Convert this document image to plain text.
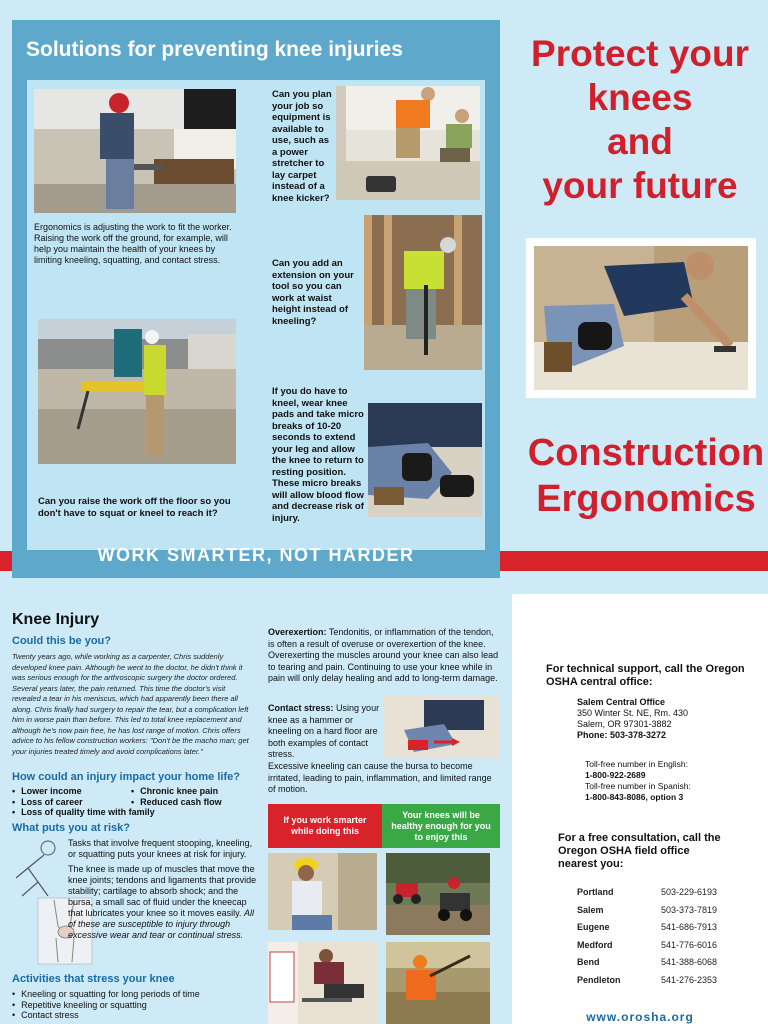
Solutions for preventing knee injuries
Ergonomics is adjusting the work to fit the worker. Raising the work off the ground, for example, will help you maintain the health of your knees by limiting kneeling, squatting, and contact stress.
Can you raise the work off the floor so you don't have to squat or kneel to reach it?
Can you plan your job so equipment is available to use, such as a power stretcher to lay carpet instead of a knee kicker?
Can you add an extension on your tool so you can work at waist height instead of kneeling?
If you do have to kneel, wear knee pads and take micro breaks of 10-20 seconds to extend your leg and allow the knee to return to resting position. These micro breaks will allow blood flow and decrease risk of injury.
WORK SMARTER, NOT HARDER
Protect your
knees
and
your future
Construction
Ergonomics
Knee Injury
Could this be you?
Twenty years ago, while working as a carpenter, Chris suddenly developed knee pain. Although he went to the doctor, he didn't think it was serious enough for the arthroscopic surgery the doctor ordered. Several years later, the pain returned. This time the doctor's visit revealed a tear in his meniscus, which had apparently been there all along. Chris finally had surgery to repair the tear, but a complication left him in worse pain than before. This led to total knee replacement and although he's now pain free, he has lost range of motion. Chris offers advice to his fellow construction workers: "Don't be the macho man; get your injuries treated timely and avoid complications later."
How could an injury impact your home life?
• Lower income
• Loss of career
• Loss of quality time with family
• Chronic knee pain
• Reduced cash flow
What puts you at risk?
Tasks that involve frequent stooping, kneeling, or squatting puts your knees at risk for injury.
The knee is made up of muscles that move the knee joints; tendons and ligaments that provide stability; cartilage to absorb shock; and the bursa, a small sac of fluid under the kneecap that lubricates your knee so it moves easily. All of these are susceptible to injury through excessive wear and tear or continual stress.
Activities that stress your knee
• Kneeling or squatting for long periods of time
• Repetitive kneeling or squatting
• Contact stress
Overexertion: Tendonitis, or inflammation of the tendon, is often a result of overuse or overexertion of the knee. Overexerting the muscles around your knee can also lead to tearing and pain. Continuing to use your knee while in pain will only delay healing and add to long-term damage.
Contact stress: Using your knee as a hammer or kneeling on a hard floor are both examples of contact stress.
Excessive kneeling can cause the bursa to become irritated, leading to pain, inflammation, and limited range of motion.
If you work smarter while doing this
Your knees will be healthy enough for you to enjoy this
For technical support, call the Oregon OSHA central office:
Salem Central Office
350 Winter St. NE, Rm. 430
Salem, OR 97301-3882
Phone: 503-378-3272
Toll-free number in English:
1-800-922-2689
Toll-free number in Spanish:
1-800-843-8086, option 3
For a free consultation, call the Oregon OSHA field office nearest you:
Portland	503-229-6193
Salem	503-373-7819
Eugene	541-686-7913
Medford	541-776-6016
Bend	541-388-6068
Pendleton	541-276-2353
www.orosha.org
